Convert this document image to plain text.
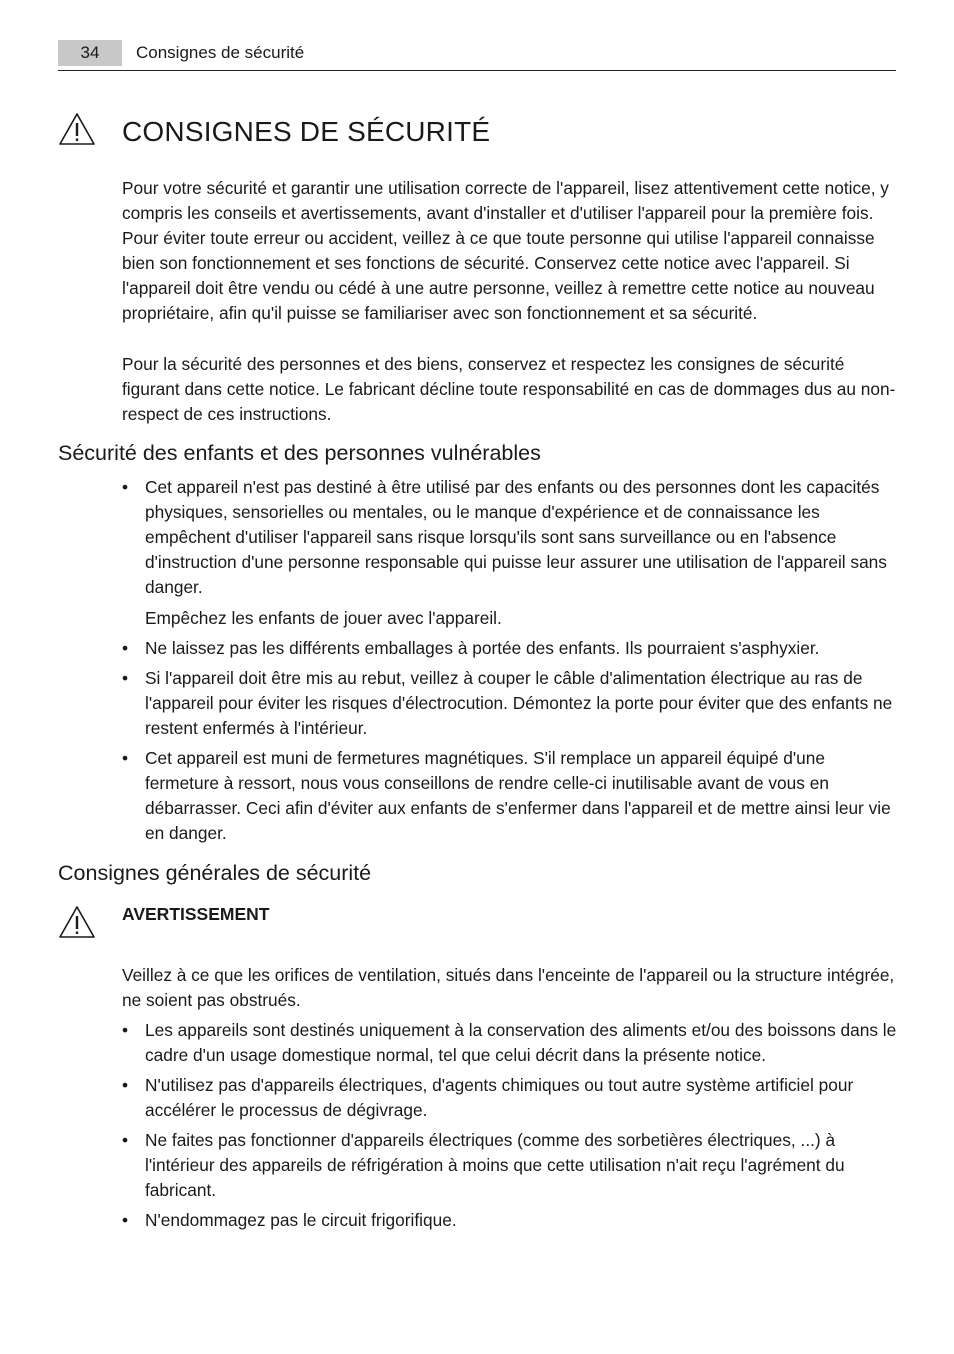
34 Consignes de sécurité
CONSIGNES DE SÉCURITÉ

Pour votre sécurité et garantir une utilisation correcte de l'appareil, lisez attentivement cette notice, y compris les conseils et avertissements, avant d'installer et d'utiliser l'appareil pour la première fois. Pour éviter toute erreur ou accident, veillez à ce que toute personne qui utilise l'appareil connaisse bien son fonctionnement et ses fonctions de sécurité. Conservez cette notice avec l'appareil. Si l'appareil doit être vendu ou cédé à une autre personne, veillez à remettre cette notice au nouveau propriétaire, afin qu'il puisse se familiariser avec son fonctionnement et sa sécurité.

Pour la sécurité des personnes et des biens, conservez et respectez les consignes de sécurité figurant dans cette notice. Le fabricant décline toute responsabilité en cas de dommages dus au non-respect de ces instructions.

Sécurité des enfants et des personnes vulnérables
• Cet appareil n'est pas destiné à être utilisé par des enfants ou des personnes dont les capacités physiques, sensorielles ou mentales, ou le manque d'expérience et de connaissance les empêchent d'utiliser l'appareil sans risque lorsqu'ils sont sans surveillance ou en l'absence d'instruction d'une personne responsable qui puisse leur assurer une utilisation de l'appareil sans danger.
Empêchez les enfants de jouer avec l'appareil.
• Ne laissez pas les différents emballages à portée des enfants. Ils pourraient s'asphyxier.
• Si l'appareil doit être mis au rebut, veillez à couper le câble d'alimentation électrique au ras de l'appareil pour éviter les risques d'électrocution. Démontez la porte pour éviter que des enfants ne restent enfermés à l'intérieur.
• Cet appareil est muni de fermetures magnétiques. S'il remplace un appareil équipé d'une fermeture à ressort, nous vous conseillons de rendre celle-ci inutilisable avant de vous en débarrasser. Ceci afin d'éviter aux enfants de s'enfermer dans l'appareil et de mettre ainsi leur vie en danger.
Consignes générales de sécurité
AVERTISSEMENT

Veillez à ce que les orifices de ventilation, situés dans l'enceinte de l'appareil ou la structure intégrée, ne soient pas obstrués.

• Les appareils sont destinés uniquement à la conservation des aliments et/ou des boissons dans le cadre d'un usage domestique normal, tel que celui décrit dans la présente notice.
• N'utilisez pas d'appareils électriques, d'agents chimiques ou tout autre système artificiel pour accélérer le processus de dégivrage.
• Ne faites pas fonctionner d'appareils électriques (comme des sorbetières électriques, ...) à l'intérieur des appareils de réfrigération à moins que cette utilisation n'ait reçu l'agrément du fabricant.
• N'endommagez pas le circuit frigorifique.
